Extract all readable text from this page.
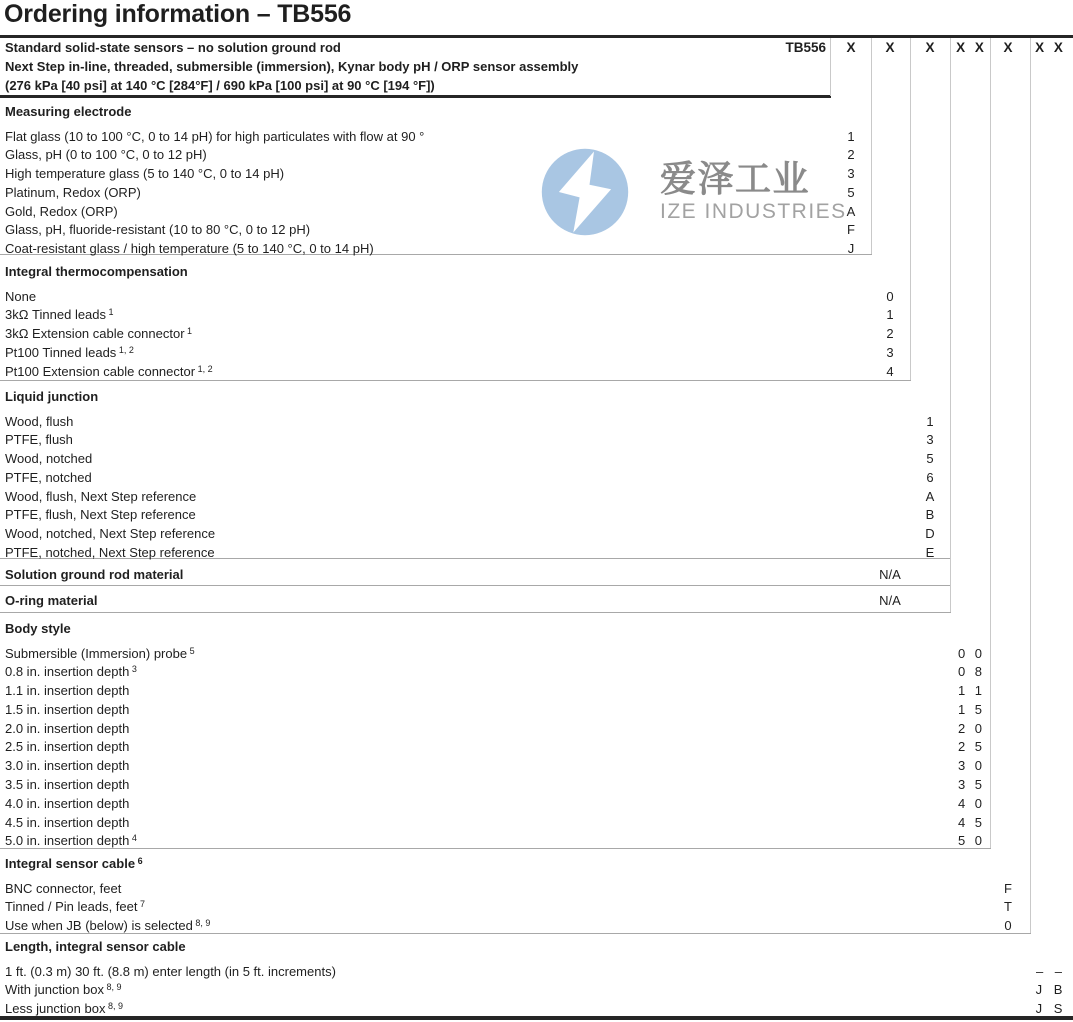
爱泽工业
IZE INDUSTRIES
Ordering information – TB556
Standard solid-state sensors – no solution ground rod
Next Step in-line, threaded, submersible (immersion), Kynar body pH / ORP sensor assembly
(276 kPa [40 psi] at 140 °C [284°F] / 690 kPa [100 psi] at 90 °C [194 °F])
TB556 X X X X X X X X
Measuring electrode
Flat glass (10 to 100 °C, 0 to 14 pH) for high particulates with flow at 90 °	1
Glass, pH (0 to 100 °C, 0 to 12 pH)	2
High temperature glass (5 to 140 °C, 0 to 14 pH)	3
Platinum, Redox (ORP)	5
Gold, Redox (ORP)	A
Glass, pH, fluoride-resistant (10 to 80 °C, 0 to 12 pH)	F
Coat-resistant glass / high temperature (5 to 140 °C, 0 to 14 pH)	J
Integral thermocompensation
None	0
3kΩ Tinned leads $^1$	1
3kΩ Extension cable connector $^1$	2
Pt100 Tinned leads $^{1, 2}$	3
Pt100 Extension cable connector $^{1, 2}$	4
Liquid junction
Wood, flush	1
PTFE, flush	3
Wood, notched	5
PTFE, notched	6
Wood, flush, Next Step reference	A
PTFE, flush, Next Step reference	B
Wood, notched, Next Step reference	D
PTFE, notched, Next Step reference	E
Solution ground rod material	N/A
O-ring material	N/A
Body style
Submersible (Immersion) probe $^5$	0 0
0.8 in. insertion depth $^3$	0 8
1.1 in. insertion depth	1 1
1.5 in. insertion depth	1 5
2.0 in. insertion depth	2 0
2.5 in. insertion depth	2 5
3.0 in. insertion depth	3 0
3.5 in. insertion depth	3 5
4.0 in. insertion depth	4 0
4.5 in. insertion depth	4 5
5.0 in. insertion depth $^4$	5 0
Integral sensor cable $^6$
BNC connector, feet	F
Tinned / Pin leads, feet $^7$	T
Use when JB (below) is selected $^{8, 9}$	0
Length, integral sensor cable
1 ft. (0.3 m) 30 ft. (8.8 m) enter length (in 5 ft. increments)	– –
With junction box $^{8, 9}$	J B
Less junction box $^{8, 9}$	J S
